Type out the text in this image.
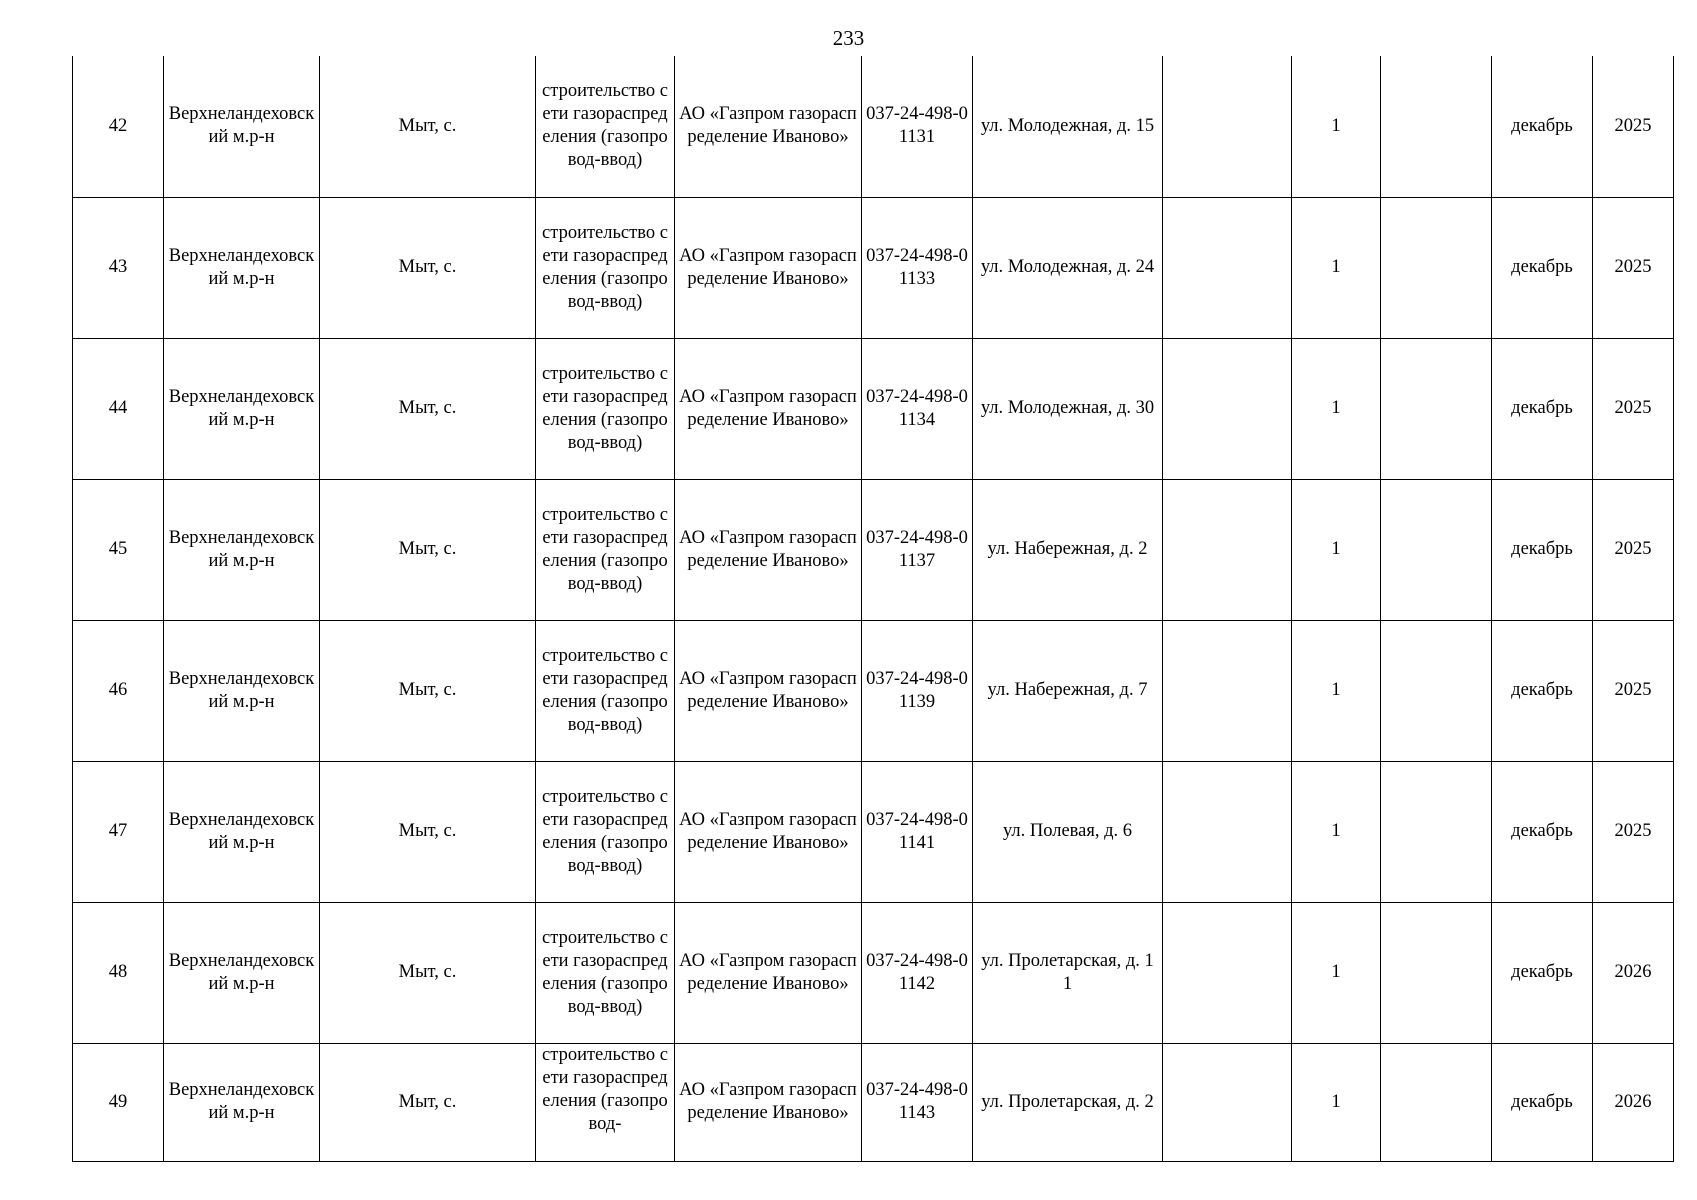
233
42	Верхнеландеховский м.р-н	Мыт, с.	строительство сети газораспределения (газопровод-ввод)	АО «Газпром газораспределение Иваново»	037-24-498-01131	ул. Молодежная, д. 15		1		декабрь	2025
43	Верхнеландеховский м.р-н	Мыт, с.	строительство сети газораспределения (газопровод-ввод)	АО «Газпром газораспределение Иваново»	037-24-498-01133	ул. Молодежная, д. 24		1		декабрь	2025
44	Верхнеландеховский м.р-н	Мыт, с.	строительство сети газораспределения (газопровод-ввод)	АО «Газпром газораспределение Иваново»	037-24-498-01134	ул. Молодежная, д. 30		1		декабрь	2025
45	Верхнеландеховский м.р-н	Мыт, с.	строительство сети газораспределения (газопровод-ввод)	АО «Газпром газораспределение Иваново»	037-24-498-01137	ул. Набережная, д. 2		1		декабрь	2025
46	Верхнеландеховский м.р-н	Мыт, с.	строительство сети газораспределения (газопровод-ввод)	АО «Газпром газораспределение Иваново»	037-24-498-01139	ул. Набережная, д. 7		1		декабрь	2025
47	Верхнеландеховский м.р-н	Мыт, с.	строительство сети газораспределения (газопровод-ввод)	АО «Газпром газораспределение Иваново»	037-24-498-01141	ул. Полевая, д. 6		1		декабрь	2025
48	Верхнеландеховский м.р-н	Мыт, с.	строительство сети газораспределения (газопровод-ввод)	АО «Газпром газораспределение Иваново»	037-24-498-01142	ул. Пролетарская, д. 11		1		декабрь	2026
49	Верхнеландеховский м.р-н	Мыт, с.	строительство сети газораспределения (газопровод-	АО «Газпром газораспределение Иваново»	037-24-498-01143	ул. Пролетарская, д. 2		1		декабрь	2026
